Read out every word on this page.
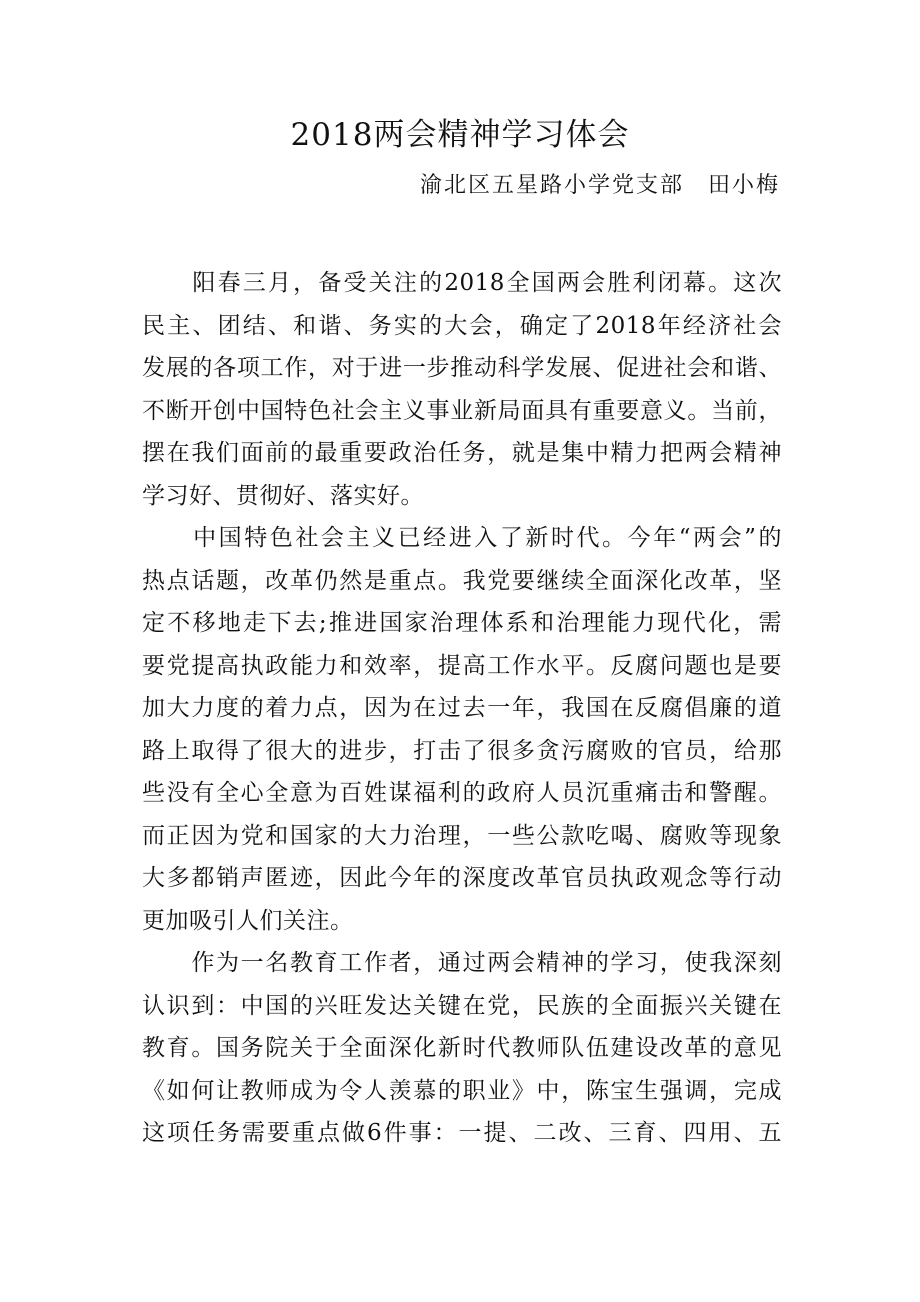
2018两会精神学习体会
渝北区五星路小学党支部　田小梅
　　阳春三月，备受关注的2018全国两会胜利闭幕。这次
民主、团结、和谐、务实的大会，确定了2018年经济社会
发展的各项工作，对于进一步推动科学发展、促进社会和谐、
不断开创中国特色社会主义事业新局面具有重要意义。当前，
摆在我们面前的最重要政治任务，就是集中精力把两会精神
学习好、贯彻好、落实好。
　　中国特色社会主义已经进入了新时代。今年“两会”的
热点话题，改革仍然是重点。我党要继续全面深化改革，坚
定不移地走下去;推进国家治理体系和治理能力现代化，需
要党提高执政能力和效率，提高工作水平。反腐问题也是要
加大力度的着力点，因为在过去一年，我国在反腐倡廉的道
路上取得了很大的进步，打击了很多贪污腐败的官员，给那
些没有全心全意为百姓谋福利的政府人员沉重痛击和警醒。
而正因为党和国家的大力治理，一些公款吃喝、腐败等现象
大多都销声匿迹，因此今年的深度改革官员执政观念等行动
更加吸引人们关注。
　　作为一名教育工作者，通过两会精神的学习，使我深刻
认识到：中国的兴旺发达关键在党，民族的全面振兴关键在
教育。国务院关于全面深化新时代教师队伍建设改革的意见
《如何让教师成为令人羡慕的职业》中，陈宝生强调，完成
这项任务需要重点做6件事：一提、二改、三育、四用、五
